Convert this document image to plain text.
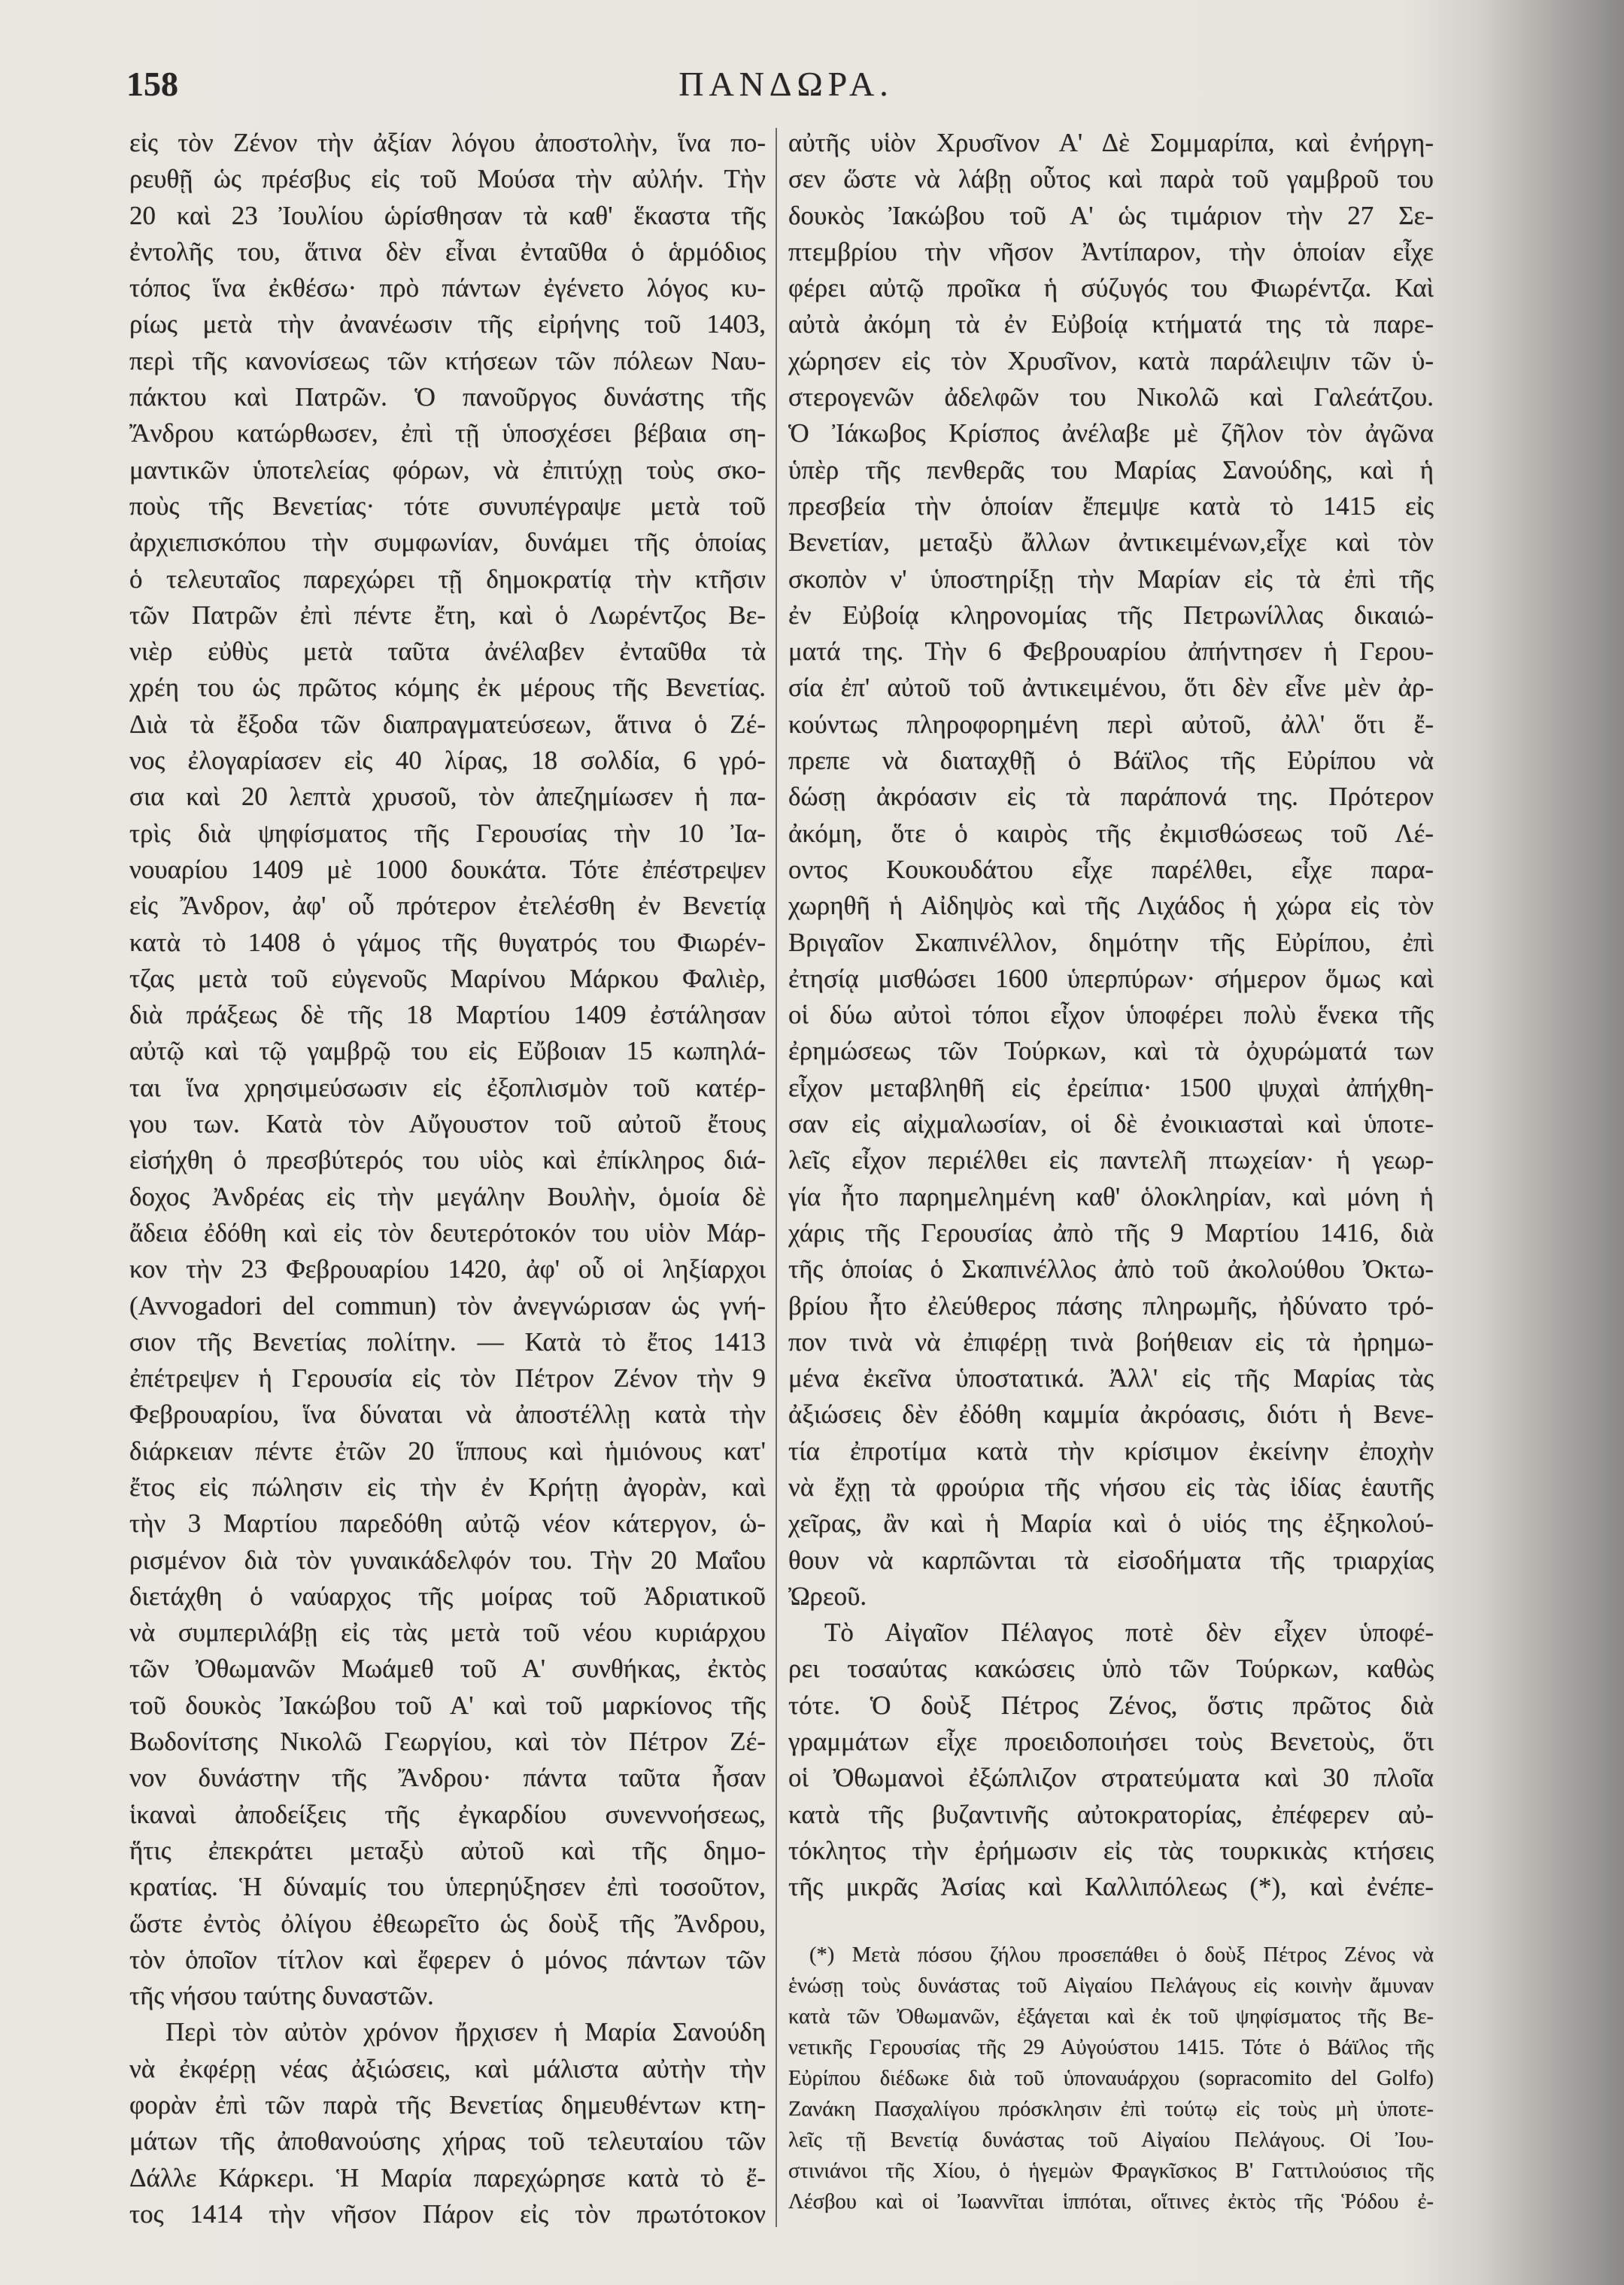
158	ΠΑΝΔΩΡΑ.
εἰς τὸν Ζένον τὴν ἀξίαν λόγου ἀποστολὴν, ἵνα πο-
ρευθῇ ὡς πρέσβυς εἰς τοῦ Μούσα τὴν αὐλήν. Τὴν
20 καὶ 23 Ἰουλίου ὡρίσθησαν τὰ καθ' ἕκαστα τῆς
ἐντολῆς του, ἅτινα δὲν εἶναι ἐνταῦθα ὁ ἁρμόδιος
τόπος ἵνα ἐκθέσω· πρὸ πάντων ἐγένετο λόγος κυ-
ρίως μετὰ τὴν ἀνανέωσιν τῆς εἰρήνης τοῦ 1403,
περὶ τῆς κανονίσεως τῶν κτήσεων τῶν πόλεων Ναυ-
πάκτου καὶ Πατρῶν. Ὁ πανοῦργος δυνάστης τῆς
Ἄνδρου κατώρθωσεν, ἐπὶ τῇ ὑποσχέσει βέβαια ση-
μαντικῶν ὑποτελείας φόρων, νὰ ἐπιτύχῃ τοὺς σκο-
ποὺς τῆς Βενετίας· τότε συνυπέγραψε μετὰ τοῦ
ἀρχιεπισκόπου τὴν συμφωνίαν, δυνάμει τῆς ὁποίας
ὁ τελευταῖος παρεχώρει τῇ δημοκρατίᾳ τὴν κτῆσιν
τῶν Πατρῶν ἐπὶ πέντε ἔτη, καὶ ὁ Λωρέντζος Βε-
νιὲρ εὐθὺς μετὰ ταῦτα ἀνέλαβεν ἐνταῦθα τὰ
χρέη του ὡς πρῶτος κόμης ἐκ μέρους τῆς Βενετίας.
Διὰ τὰ ἔξοδα τῶν διαπραγματεύσεων, ἅτινα ὁ Ζέ-
νος ἐλογαρίασεν εἰς 40 λίρας, 18 σολδία, 6 γρό-
σια καὶ 20 λεπτὰ χρυσοῦ, τὸν ἀπεζημίωσεν ἡ πα-
τρὶς διὰ ψηφίσματος τῆς Γερουσίας τὴν 10 Ἰα-
νουαρίου 1409 μὲ 1000 δουκάτα. Τότε ἐπέστρεψεν
εἰς Ἄνδρον, ἀφ' οὗ πρότερον ἐτελέσθη ἐν Βενετίᾳ
κατὰ τὸ 1408 ὁ γάμος τῆς θυγατρός του Φιωρέν-
τζας μετὰ τοῦ εὐγενοῦς Μαρίνου Μάρκου Φαλιὲρ,
διὰ πράξεως δὲ τῆς 18 Μαρτίου 1409 ἐστάλησαν
αὐτῷ καὶ τῷ γαμβρῷ του εἰς Εὔβοιαν 15 κωπηλά-
ται ἵνα χρησιμεύσωσιν εἰς ἐξοπλισμὸν τοῦ κατέρ-
γου των. Κατὰ τὸν Αὔγουστον τοῦ αὐτοῦ ἔτους
εἰσήχθη ὁ πρεσβύτερός του υἱὸς καὶ ἐπίκληρος διά-
δοχος Ἀνδρέας εἰς τὴν μεγάλην Βουλὴν, ὁμοία δὲ
ἄδεια ἐδόθη καὶ εἰς τὸν δευτερότοκόν του υἱὸν Μάρ-
κον τὴν 23 Φεβρουαρίου 1420, ἀφ' οὗ οἱ ληξίαρχοι
(Avvogadori del commun) τὸν ἀνεγνώρισαν ὡς γνή-
σιον τῆς Βενετίας πολίτην. — Κατὰ τὸ ἔτος 1413
ἐπέτρεψεν ἡ Γερουσία εἰς τὸν Πέτρον Ζένον τὴν 9
Φεβρουαρίου, ἵνα δύναται νὰ ἀποστέλλῃ κατὰ τὴν
διάρκειαν πέντε ἐτῶν 20 ἵππους καὶ ἡμιόνους κατ'
ἔτος εἰς πώλησιν εἰς τὴν ἐν Κρήτῃ ἀγορὰν, καὶ
τὴν 3 Μαρτίου παρεδόθη αὐτῷ νέον κάτεργον, ὡ-
ρισμένον διὰ τὸν γυναικάδελφόν του. Τὴν 20 Μαΐου
διετάχθη ὁ ναύαρχος τῆς μοίρας τοῦ Ἀδριατικοῦ
νὰ συμπεριλάβῃ εἰς τὰς μετὰ τοῦ νέου κυριάρχου
τῶν Ὀθωμανῶν Μωάμεθ τοῦ Α' συνθήκας, ἐκτὸς
τοῦ δουκὸς Ἰακώβου τοῦ Α' καὶ τοῦ μαρκίονος τῆς
Βωδονίτσης Νικολῶ Γεωργίου, καὶ τὸν Πέτρον Ζέ-
νον δυνάστην τῆς Ἄνδρου· πάντα ταῦτα ἦσαν
ἱκαναὶ ἀποδείξεις τῆς ἐγκαρδίου συνεννοήσεως,
ἥτις ἐπεκράτει μεταξὺ αὐτοῦ καὶ τῆς δημο-
κρατίας. Ἡ δύναμίς του ὑπερηύξησεν ἐπὶ τοσοῦτον,
ὥστε ἐντὸς ὀλίγου ἐθεωρεῖτο ὡς δοὺξ τῆς Ἄνδρου,
τὸν ὁποῖον τίτλον καὶ ἔφερεν ὁ μόνος πάντων τῶν
τῆς νήσου ταύτης δυναστῶν.
Περὶ τὸν αὐτὸν χρόνον ἤρχισεν ἡ Μαρία Σανούδη
νὰ ἐκφέρῃ νέας ἀξιώσεις, καὶ μάλιστα αὐτὴν τὴν
φορὰν ἐπὶ τῶν παρὰ τῆς Βενετίας δημευθέντων κτη-
μάτων τῆς ἀποθανούσης χήρας τοῦ τελευταίου τῶν
Δάλλε Κάρκερι. Ἡ Μαρία παρεχώρησε κατὰ τὸ ἔ-
τος 1414 τὴν νῆσον Πάρον εἰς τὸν πρωτότοκον
αὐτῆς υἱὸν Χρυσῖνον Α' Δὲ Σομμαρίπα, καὶ ἐνήργη-
σεν ὥστε νὰ λάβῃ οὗτος καὶ παρὰ τοῦ γαμβροῦ του
δουκὸς Ἰακώβου τοῦ Α' ὡς τιμάριον τὴν 27 Σε-
πτεμβρίου τὴν νῆσον Ἀντίπαρον, τὴν ὁποίαν εἶχε
φέρει αὐτῷ προῖκα ἡ σύζυγός του Φιωρέντζα. Καὶ
αὐτὰ ἀκόμη τὰ ἐν Εὐβοίᾳ κτήματά της τὰ παρε-
χώρησεν εἰς τὸν Χρυσῖνον, κατὰ παράλειψιν τῶν ὑ-
στερογενῶν ἀδελφῶν του Νικολῶ καὶ Γαλεάτζου.
Ὁ Ἰάκωβος Κρίσπος ἀνέλαβε μὲ ζῆλον τὸν ἀγῶνα
ὑπὲρ τῆς πενθερᾶς του Μαρίας Σανούδης, καὶ ἡ
πρεσβεία τὴν ὁποίαν ἔπεμψε κατὰ τὸ 1415 εἰς
Βενετίαν, μεταξὺ ἄλλων ἀντικειμένων,εἶχε καὶ τὸν
σκοπὸν ν' ὑποστηρίξῃ τὴν Μαρίαν εἰς τὰ ἐπὶ τῆς
ἐν Εὐβοίᾳ κληρονομίας τῆς Πετρωνίλλας δικαιώ-
ματά της. Τὴν 6 Φεβρουαρίου ἀπήντησεν ἡ Γερου-
σία ἐπ' αὐτοῦ τοῦ ἀντικειμένου, ὅτι δὲν εἶνε μὲν ἀρ-
κούντως πληροφορημένη περὶ αὐτοῦ, ἀλλ' ὅτι ἔ-
πρεπε νὰ διαταχθῇ ὁ Βάϊλος τῆς Εὐρίπου νὰ
δώσῃ ἀκρόασιν εἰς τὰ παράπονά της. Πρότερον
ἀκόμη, ὅτε ὁ καιρὸς τῆς ἐκμισθώσεως τοῦ Λέ-
οντος Κουκουδάτου εἶχε παρέλθει, εἶχε παρα-
χωρηθῆ ἡ Αἰδηψὸς καὶ τῆς Λιχάδος ἡ χώρα εἰς τὸν
Βριγαῖον Σκαπινέλλον, δημότην τῆς Εὐρίπου, ἐπὶ
ἐτησίᾳ μισθώσει 1600 ὑπερπύρων· σήμερον ὅμως καὶ
οἱ δύω αὐτοὶ τόποι εἶχον ὑποφέρει πολὺ ἕνεκα τῆς
ἐρημώσεως τῶν Τούρκων, καὶ τὰ ὀχυρώματά των
εἶχον μεταβληθῆ εἰς ἐρείπια· 1500 ψυχαὶ ἀπήχθη-
σαν εἰς αἰχμαλωσίαν, οἱ δὲ ἐνοικιασταὶ καὶ ὑποτε-
λεῖς εἶχον περιέλθει εἰς παντελῆ πτωχείαν· ἡ γεωρ-
γία ἦτο παρημελημένη καθ' ὁλοκληρίαν, καὶ μόνη ἡ
χάρις τῆς Γερουσίας ἀπὸ τῆς 9 Μαρτίου 1416, διὰ
τῆς ὁποίας ὁ Σκαπινέλλος ἀπὸ τοῦ ἀκολούθου Ὀκτω-
βρίου ἦτο ἐλεύθερος πάσης πληρωμῆς, ἠδύνατο τρό-
πον τινὰ νὰ ἐπιφέρῃ τινὰ βοήθειαν εἰς τὰ ἠρημω-
μένα ἐκεῖνα ὑποστατικά. Ἀλλ' εἰς τῆς Μαρίας τὰς
ἀξιώσεις δὲν ἐδόθη καμμία ἀκρόασις, διότι ἡ Βενε-
τία ἐπροτίμα κατὰ τὴν κρίσιμον ἐκείνην ἐποχὴν
νὰ ἔχῃ τὰ φρούρια τῆς νήσου εἰς τὰς ἰδίας ἑαυτῆς
χεῖρας, ἂν καὶ ἡ Μαρία καὶ ὁ υἱός της ἐξηκολού-
θουν νὰ καρπῶνται τὰ εἰσοδήματα τῆς τριαρχίας
Ὠρεοῦ.
Τὸ Αἰγαῖον Πέλαγος ποτὲ δὲν εἶχεν ὑποφέ-
ρει τοσαύτας κακώσεις ὑπὸ τῶν Τούρκων, καθὼς
τότε. Ὁ δοὺξ Πέτρος Ζένος, ὅστις πρῶτος διὰ
γραμμάτων εἶχε προειδοποιήσει τοὺς Βενετοὺς, ὅτι
οἱ Ὀθωμανοὶ ἐξώπλιζον στρατεύματα καὶ 30 πλοῖα
κατὰ τῆς βυζαντινῆς αὐτοκρατορίας, ἐπέφερεν αὐ-
τόκλητος τὴν ἐρήμωσιν εἰς τὰς τουρκικὰς κτήσεις
τῆς μικρᾶς Ἀσίας καὶ Καλλιπόλεως (*), καὶ ἐνέπε-
(*) Μετὰ πόσου ζήλου προσεπάθει ὁ δοὺξ Πέτρος Ζένος νὰ
ἑνώσῃ τοὺς δυνάστας τοῦ Αἰγαίου Πελάγους εἰς κοινὴν ἄμυναν
κατὰ τῶν Ὀθωμανῶν, ἐξάγεται καὶ ἐκ τοῦ ψηφίσματος τῆς Βε-
νετικῆς Γερουσίας τῆς 29 Αὐγούστου 1415. Τότε ὁ Βάϊλος τῆς
Εὐρίπου διέδωκε διὰ τοῦ ὑποναυάρχου (sopracomito del Golfo)
Ζανάκη Πασχαλίγου πρόσκλησιν ἐπὶ τούτῳ εἰς τοὺς μὴ ὑποτε-
λεῖς τῇ Βενετίᾳ δυνάστας τοῦ Αἰγαίου Πελάγους. Οἱ Ἰου-
στινιάνοι τῆς Χίου, ὁ ἡγεμὼν Φραγκῖσκος Β' Γαττιλούσιος τῆς
Λέσβου καὶ οἱ Ἰωαννῖται ἱππόται, οἵτινες ἐκτὸς τῆς Ῥόδου ἐ-
